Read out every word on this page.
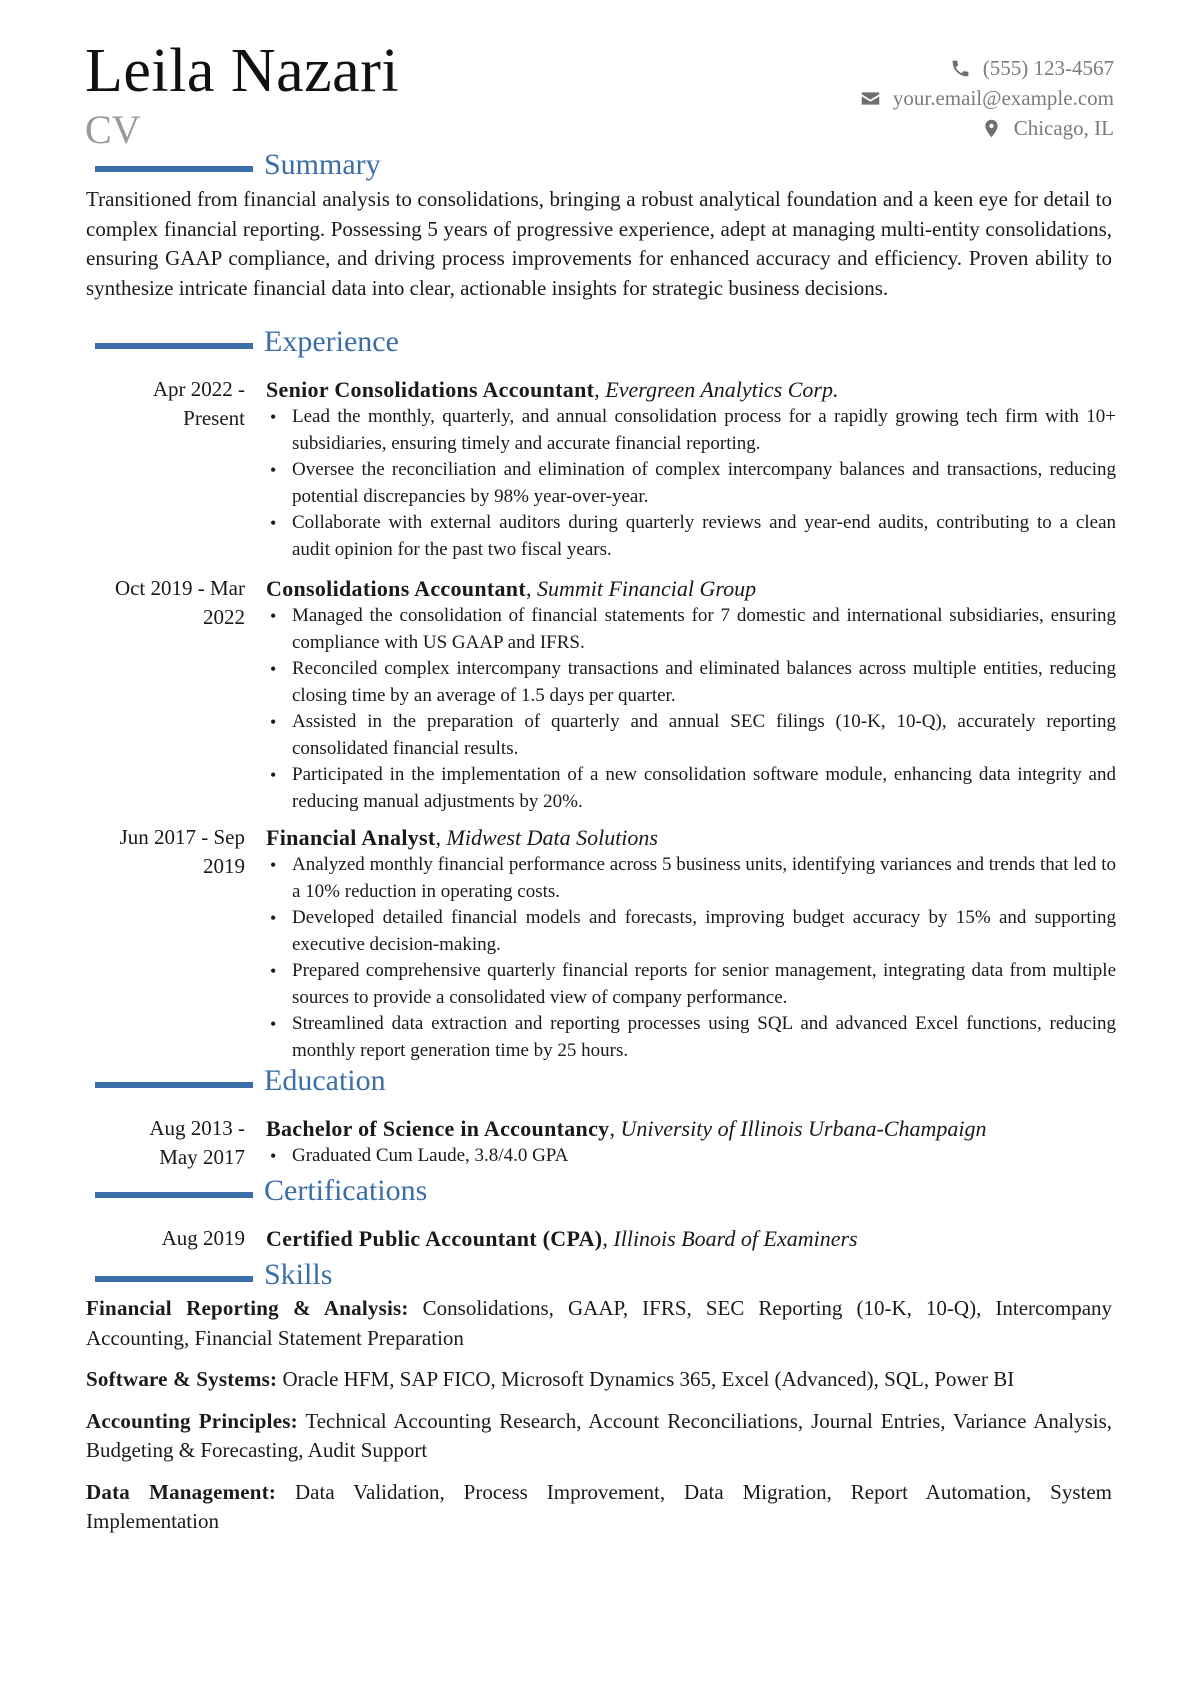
Leila Nazari
CV
(555) 123-4567
your.email@example.com
Chicago, IL
Summary

Transitioned from financial analysis to consolidations, bringing a robust analytical foundation and a keen eye for detail to complex financial reporting. Possessing 5 years of progressive experience, adept at managing multi-entity consolidations, ensuring GAAP compliance, and driving process improvements for enhanced accuracy and efficiency. Proven ability to synthesize intricate financial data into clear, actionable insights for strategic business decisions.

Experience
Apr 2022 -
Present
Senior Consolidations Accountant, Evergreen Analytics Corp.
• Lead the monthly, quarterly, and annual consolidation process for a rapidly growing tech firm with 10+ subsidiaries, ensuring timely and accurate financial reporting.
• Oversee the reconciliation and elimination of complex intercompany balances and transactions, reducing potential discrepancies by 98% year-over-year.
• Collaborate with external auditors during quarterly reviews and year-end audits, contributing to a clean audit opinion for the past two fiscal years.
Oct 2019 - Mar
2022
Consolidations Accountant, Summit Financial Group
• Managed the consolidation of financial statements for 7 domestic and international subsidiaries, ensuring compliance with US GAAP and IFRS.
• Reconciled complex intercompany transactions and eliminated balances across multiple entities, reducing closing time by an average of 1.5 days per quarter.
• Assisted in the preparation of quarterly and annual SEC filings (10-K, 10-Q), accurately reporting consolidated financial results.
• Participated in the implementation of a new consolidation software module, enhancing data integrity and reducing manual adjustments by 20%.
Jun 2017 - Sep
2019
Financial Analyst, Midwest Data Solutions
• Analyzed monthly financial performance across 5 business units, identifying variances and trends that led to a 10% reduction in operating costs.
• Developed detailed financial models and forecasts, improving budget accuracy by 15% and supporting executive decision-making.
• Prepared comprehensive quarterly financial reports for senior management, integrating data from multiple sources to provide a consolidated view of company performance.
• Streamlined data extraction and reporting processes using SQL and advanced Excel functions, reducing monthly report generation time by 25 hours.
Education
Aug 2013 -
May 2017
Bachelor of Science in Accountancy, University of Illinois Urbana-Champaign
• Graduated Cum Laude, 3.8/4.0 GPA
Certifications
Aug 2019 Certified Public Accountant (CPA), Illinois Board of Examiners
Skills
Financial Reporting & Analysis: Consolidations, GAAP, IFRS, SEC Reporting (10-K, 10-Q), Intercompany Accounting, Financial Statement Preparation
Software & Systems: Oracle HFM, SAP FICO, Microsoft Dynamics 365, Excel (Advanced), SQL, Power BI
Accounting Principles: Technical Accounting Research, Account Reconciliations, Journal Entries, Variance Analysis, Budgeting & Forecasting, Audit Support
Data Management: Data Validation, Process Improvement, Data Migration, Report Automation, System Implementation
